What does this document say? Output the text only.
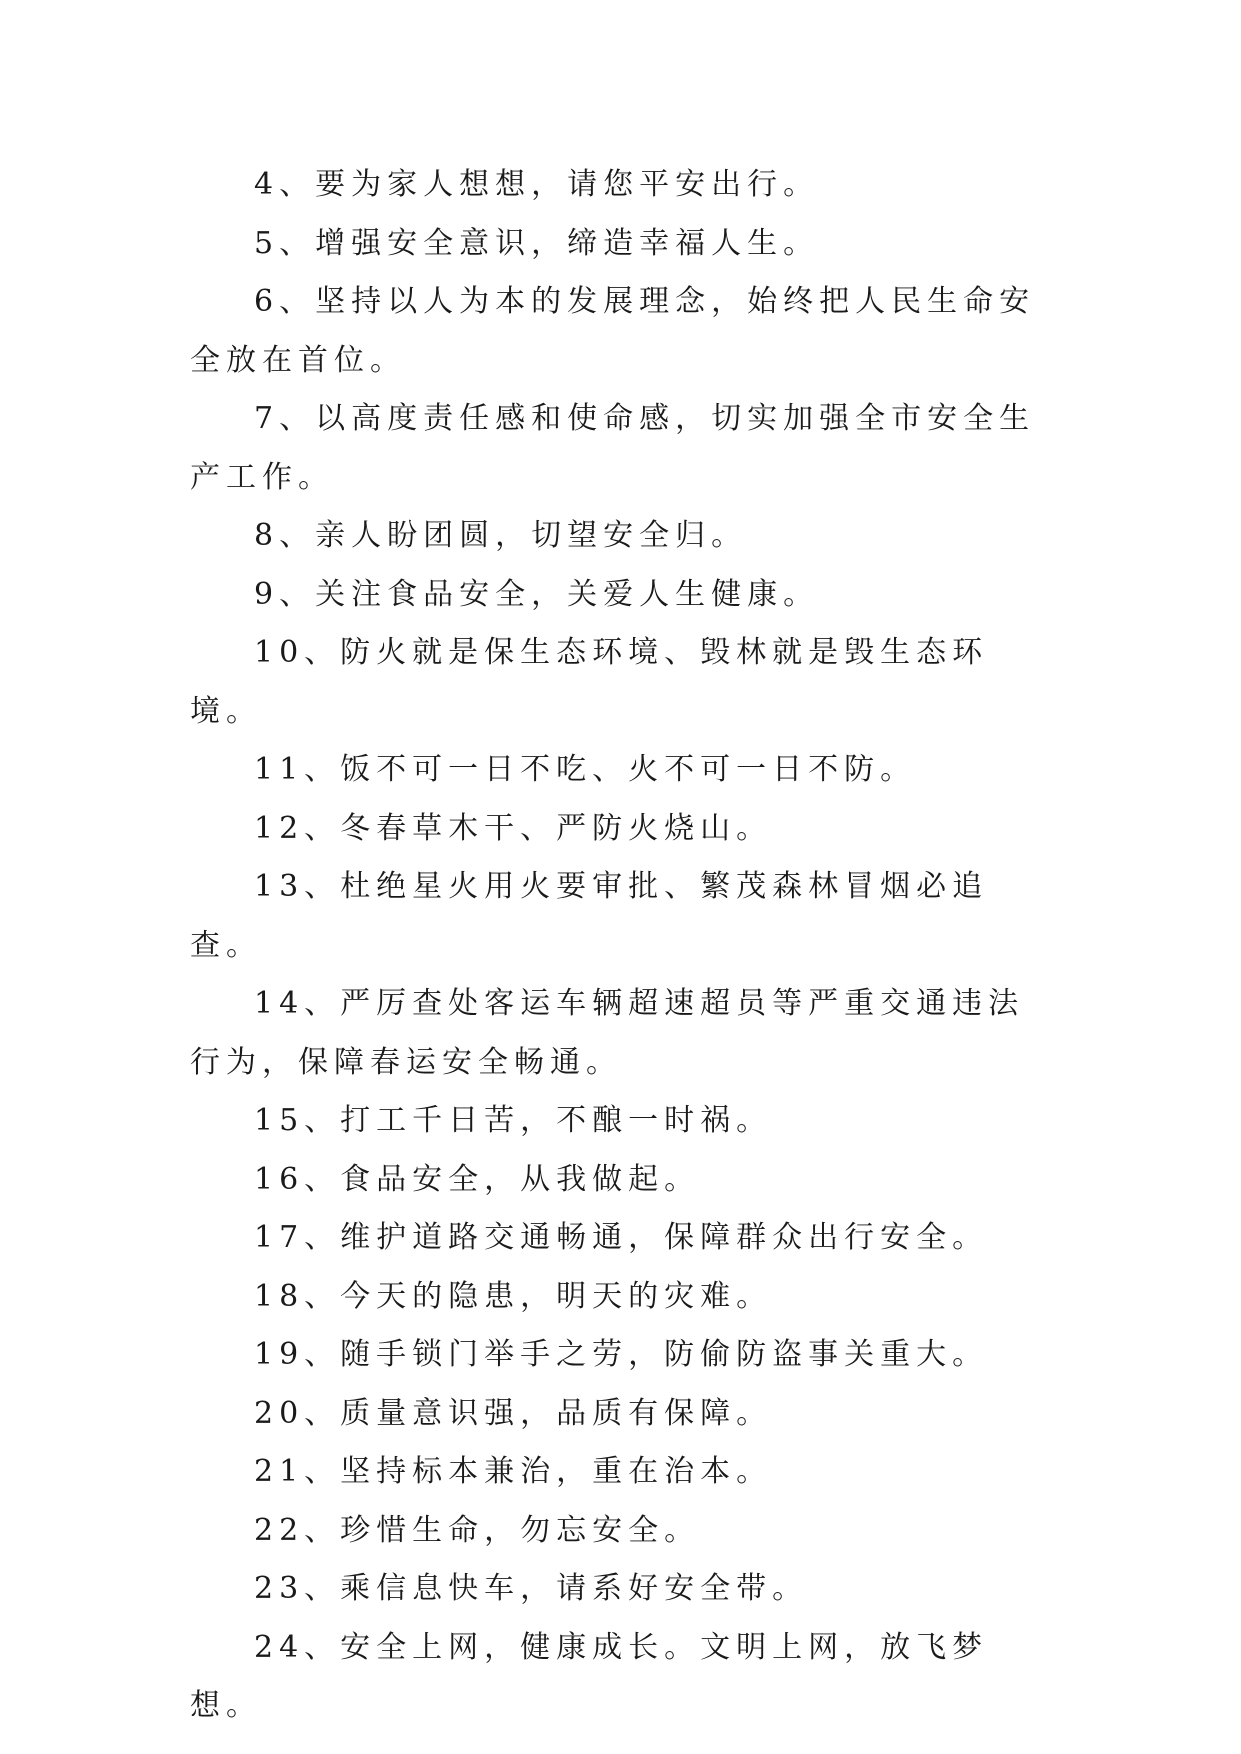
4、要为家人想想，请您平安出行。

5、增强安全意识，缔造幸福人生。

6、坚持以人为本的发展理念，始终把人民生命安全放在首位。

7、以高度责任感和使命感，切实加强全市安全生产工作。

8、亲人盼团圆，切望安全归。

9、关注食品安全，关爱人生健康。

10、防火就是保生态环境、毁林就是毁生态环境。

11、饭不可一日不吃、火不可一日不防。

12、冬春草木干、严防火烧山。

13、杜绝星火用火要审批、繁茂森林冒烟必追查。

14、严厉查处客运车辆超速超员等严重交通违法行为，保障春运安全畅通。

15、打工千日苦，不酿一时祸。

16、食品安全，从我做起。

17、维护道路交通畅通，保障群众出行安全。

18、今天的隐患，明天的灾难。

19、随手锁门举手之劳，防偷防盗事关重大。

20、质量意识强，品质有保障。

21、坚持标本兼治，重在治本。

22、珍惜生命，勿忘安全。

23、乘信息快车，请系好安全带。

24、安全上网，健康成长。文明上网，放飞梦想。
